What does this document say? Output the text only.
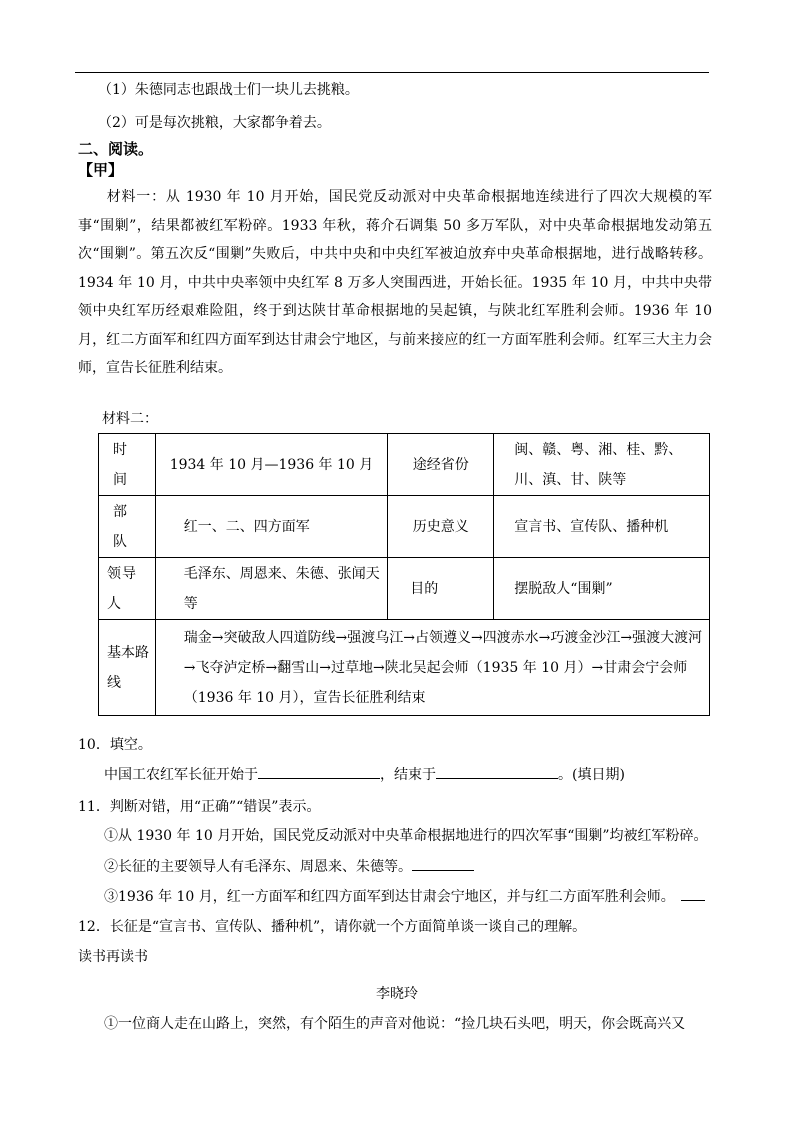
（1）朱德同志也跟战士们一块儿去挑粮。
（2）可是每次挑粮，大家都争着去。
二、阅读。
【甲】
材料一：从 1930 年 10 月开始，国民党反动派对中央革命根据地连续进行了四次大规模的军事“围剿”，结果都被红军粉碎。1933 年秋，蒋介石调集 50 多万军队，对中央革命根据地发动第五次“围剿”。第五次反“围剿”失败后，中共中央和中央红军被迫放弃中央革命根据地，进行战略转移。1934 年 10 月，中共中央率领中央红军 8 万多人突围西进，开始长征。1935 年 10 月，中共中央带领中央红军历经艰难险阻，终于到达陕甘革命根据地的吴起镇，与陕北红军胜利会师。1936 年 10 月，红二方面军和红四方面军到达甘肃会宁地区，与前来接应的红一方面军胜利会师。红军三大主力会师，宣告长征胜利结束。
材料二：
时间	1934 年 10 月—1936 年 10 月	途经省份	闽、赣、粤、湘、桂、黔、川、滇、甘、陕等

部队	红一、二、四方面军	历史意义	宣言书、宣传队、播种机

领导人	毛泽东、周恩来、朱德、张闻天等	目的	摆脱敌人“围剿”

基本路线	瑞金→突破敌人四道防线→强渡乌江→占领遵义→四渡赤水→巧渡金沙江→强渡大渡河→飞夺泸定桥→翻雪山→过草地→陕北吴起会师（1935 年 10 月）→甘肃会宁会师（1936 年 10 月），宣告长征胜利结束		
10．填空。
中国工农红军长征开始于	，结束于	。(填日期)
11．判断对错，用“正确”“错误”表示。
①从 1930 年 10 月开始，国民党反动派对中央革命根据地进行的四次军事“围剿”均被红军粉碎。
②长征的主要领导人有毛泽东、周恩来、朱德等。
③1936 年 10 月，红一方面军和红四方面军到达甘肃会宁地区，并与红二方面军胜利会师。
12．长征是“宣言书、宣传队、播种机”，请你就一个方面简单谈一谈自己的理解。
读书再读书
李晓玲
①一位商人走在山路上，突然，有个陌生的声音对他说：“捡几块石头吧，明天，你会既高兴又
